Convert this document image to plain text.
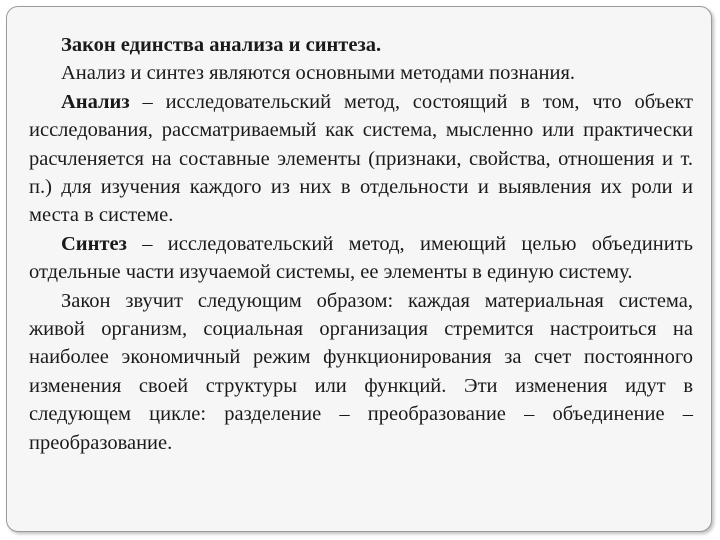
Закон единства анализа и синтеза.

Анализ и синтез являются основными методами познания.

Анализ – исследовательский метод, состоящий в том, что объект исследования, рассматриваемый как система, мысленно или практически расчленяется на составные элементы (признаки, свойства, отношения и т. п.) для изучения каждого из них в отдельности и выявления их роли и места в системе.

Синтез – исследовательский метод, имеющий целью объединить отдельные части изучаемой системы, ее элементы в единую систему.

Закон звучит следующим образом: каждая материальная система, живой организм, социальная организация стремится настроиться на наиболее экономичный режим функционирования за счет постоянного изменения своей структуры или функций. Эти изменения идут в следующем цикле: разделение – преобразование – объединение – преобразование.
